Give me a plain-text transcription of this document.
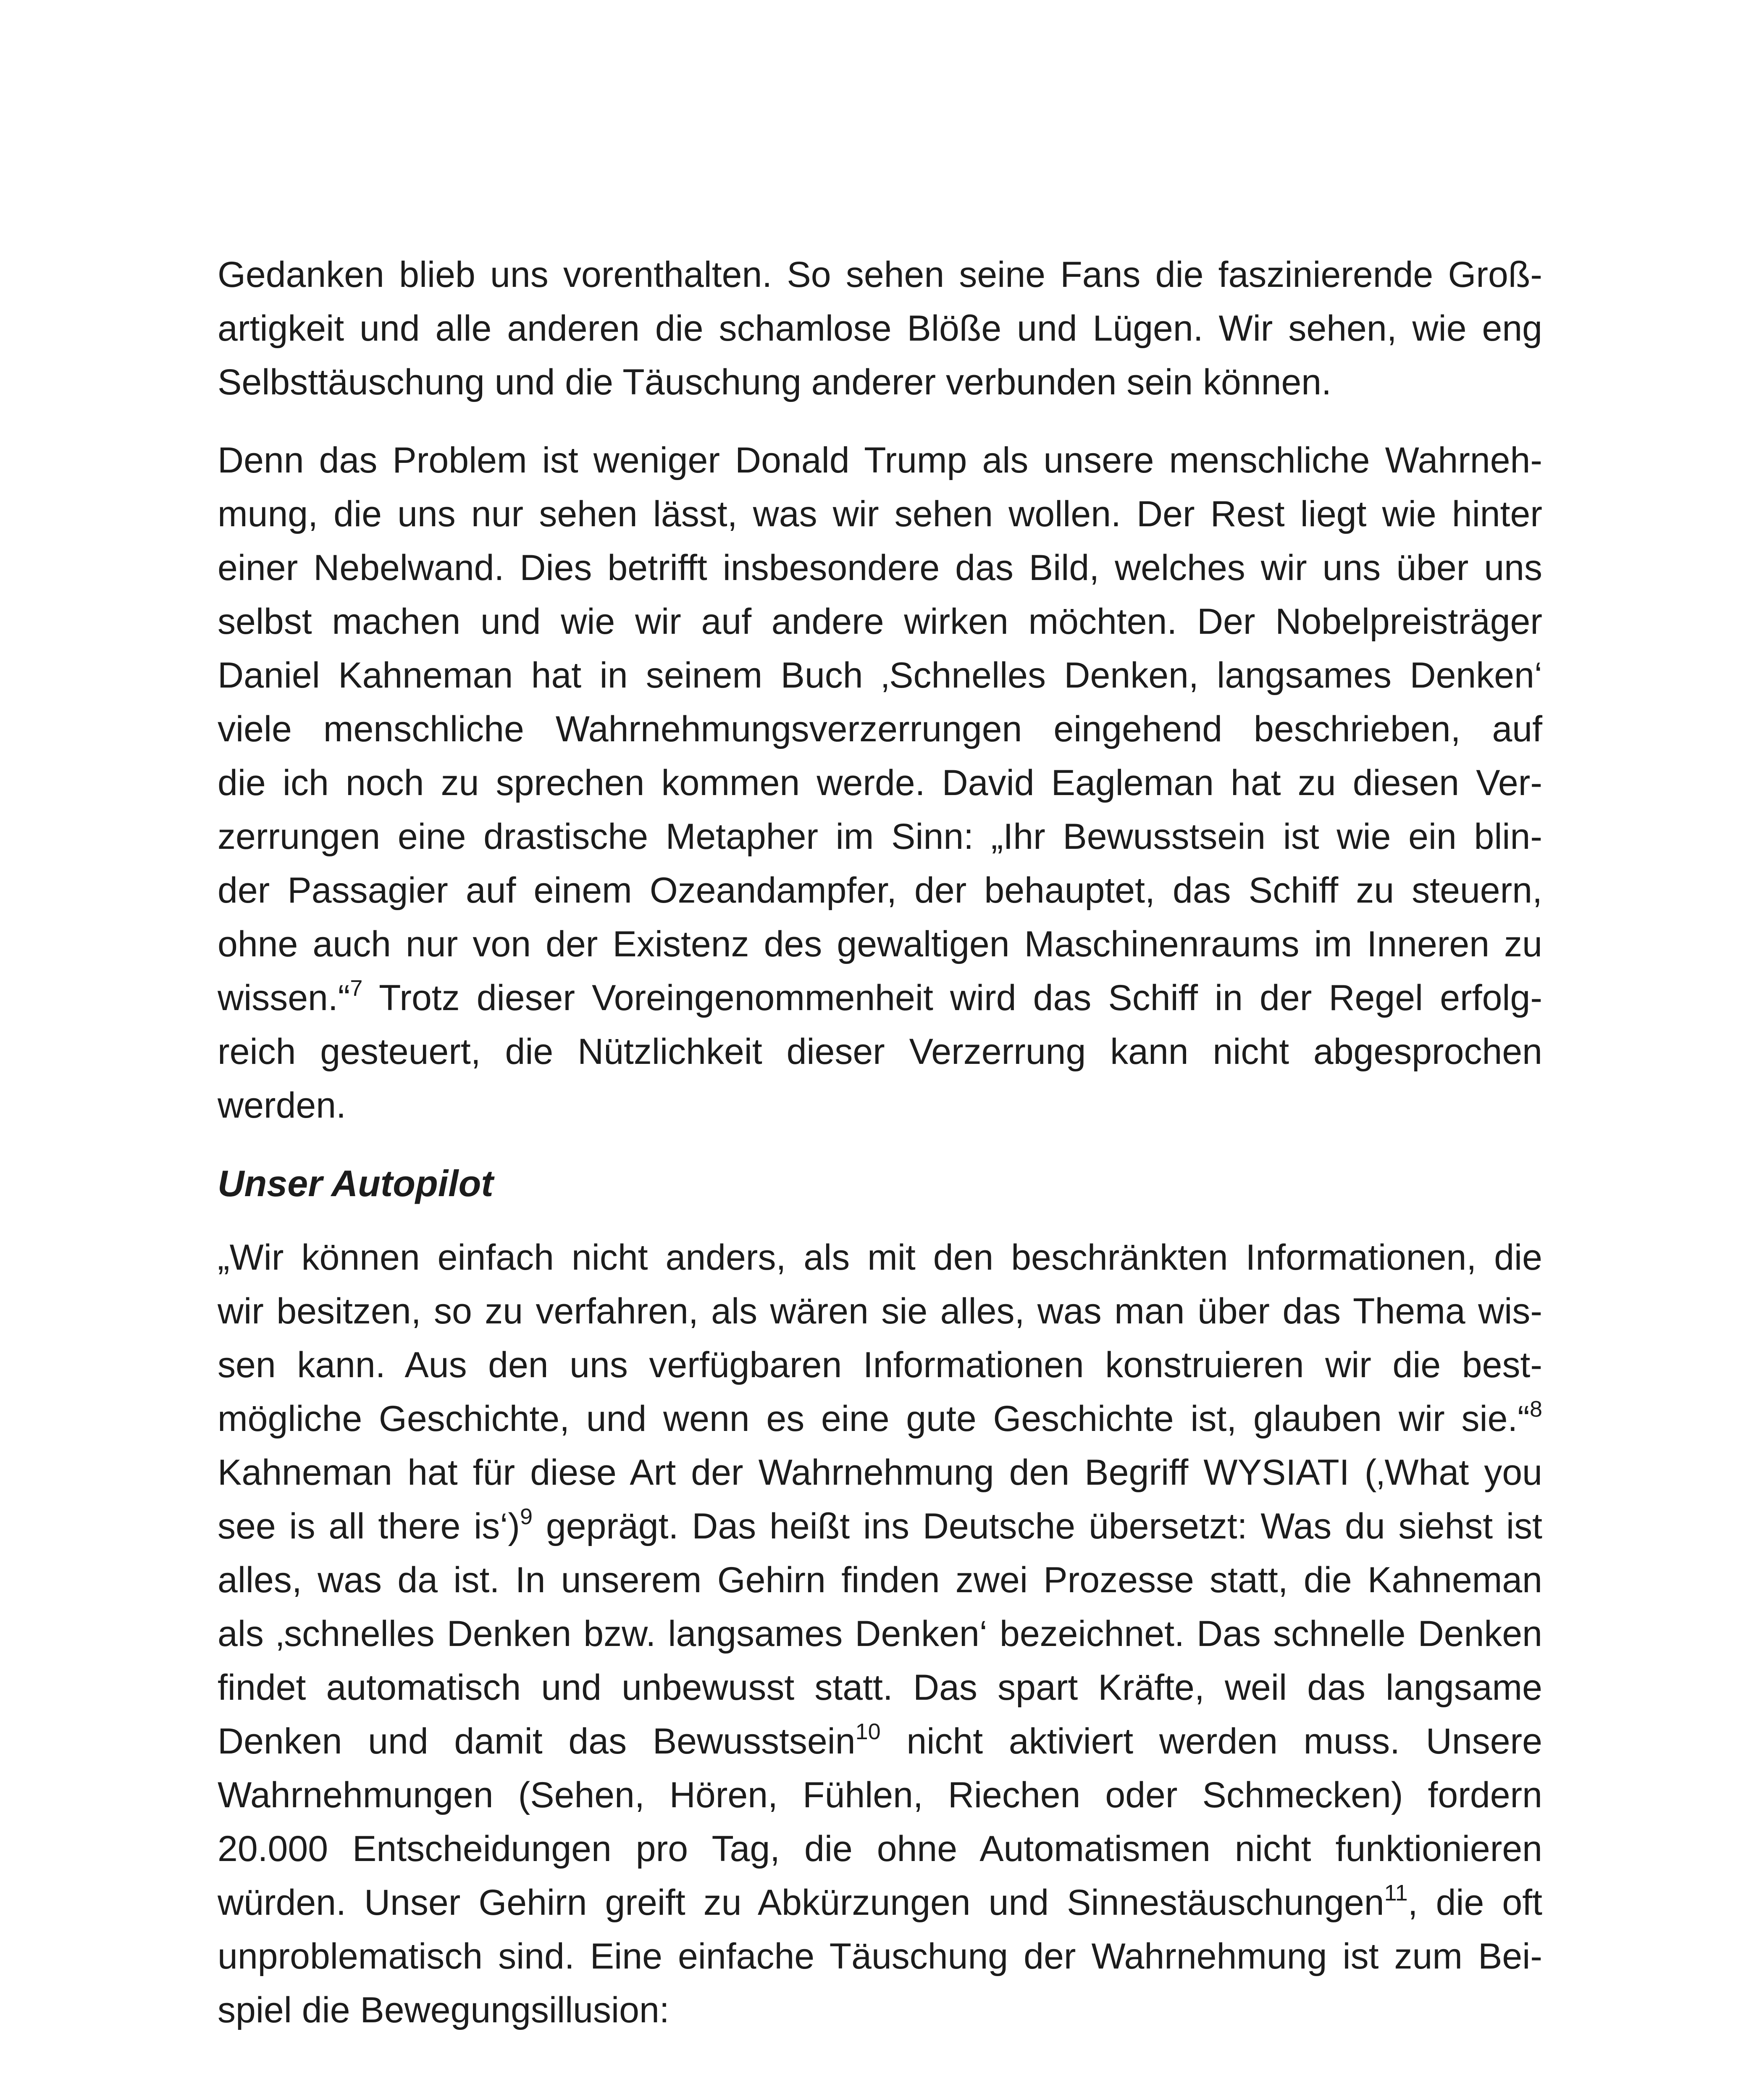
Gedanken blieb uns vorenthalten. So sehen seine Fans die faszinierende Groß-
artigkeit und alle anderen die schamlose Blöße und Lügen. Wir sehen, wie eng
Selbsttäuschung und die Täuschung anderer verbunden sein können.
Denn das Problem ist weniger Donald Trump als unsere menschliche Wahrneh-
mung, die uns nur sehen lässt, was wir sehen wollen. Der Rest liegt wie hinter
einer Nebelwand. Dies betrifft insbesondere das Bild, welches wir uns über uns
selbst machen und wie wir auf andere wirken möchten. Der Nobelpreisträger
Daniel Kahneman hat in seinem Buch ‚Schnelles Denken, langsames Denken‘
viele menschliche Wahrnehmungsverzerrungen eingehend beschrieben, auf
die ich noch zu sprechen kommen werde. David Eagleman hat zu diesen Ver-
zerrungen eine drastische Metapher im Sinn: „Ihr Bewusstsein ist wie ein blin-
der Passagier auf einem Ozeandampfer, der behauptet, das Schiff zu steuern,
ohne auch nur von der Existenz des gewaltigen Maschinenraums im Inneren zu
wissen.“$^7$ Trotz dieser Voreingenommenheit wird das Schiff in der Regel erfolg-
reich gesteuert, die Nützlichkeit dieser Verzerrung kann nicht abgesprochen
werden.
Unser Autopilot
„Wir können einfach nicht anders, als mit den beschränkten Informationen, die
wir besitzen, so zu verfahren, als wären sie alles, was man über das Thema wis-
sen kann. Aus den uns verfügbaren Informationen konstruieren wir die best-
mögliche Geschichte, und wenn es eine gute Geschichte ist, glauben wir sie.“$^8$
Kahneman hat für diese Art der Wahrnehmung den Begriff WYSIATI (‚What you
see is all there is‘)$^9$ geprägt. Das heißt ins Deutsche übersetzt: Was du siehst ist
alles, was da ist. In unserem Gehirn finden zwei Prozesse statt, die Kahneman
als ‚schnelles Denken bzw. langsames Denken‘ bezeichnet. Das schnelle Denken
findet automatisch und unbewusst statt. Das spart Kräfte, weil das langsame
Denken und damit das Bewusstsein$^{10}$ nicht aktiviert werden muss. Unsere
Wahrnehmungen (Sehen, Hören, Fühlen, Riechen oder Schmecken) fordern
20.000 Entscheidungen pro Tag, die ohne Automatismen nicht funktionieren
würden. Unser Gehirn greift zu Abkürzungen und Sinnestäuschungen$^{11}$, die oft
unproblematisch sind. Eine einfache Täuschung der Wahrnehmung ist zum Bei-
spiel die Bewegungsillusion:
